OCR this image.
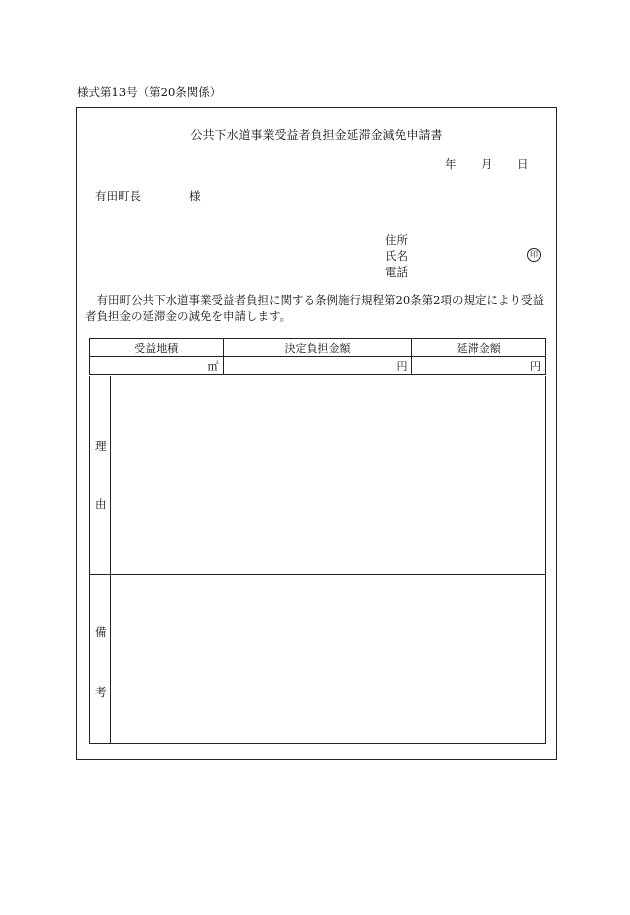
様式第13号（第20条関係）
公共下水道事業受益者負担金延滞金減免申請書
年 月 日
有田町長	様
住所
氏名	印
電話
有田町公共下水道事業受益者負担に関する条例施行規程第20条第2項の規定により受益者負担金の延滞金の減免を申請します。
受益地積	決定負担金額	延滞金額
㎡	円	円
理
由
備
考
